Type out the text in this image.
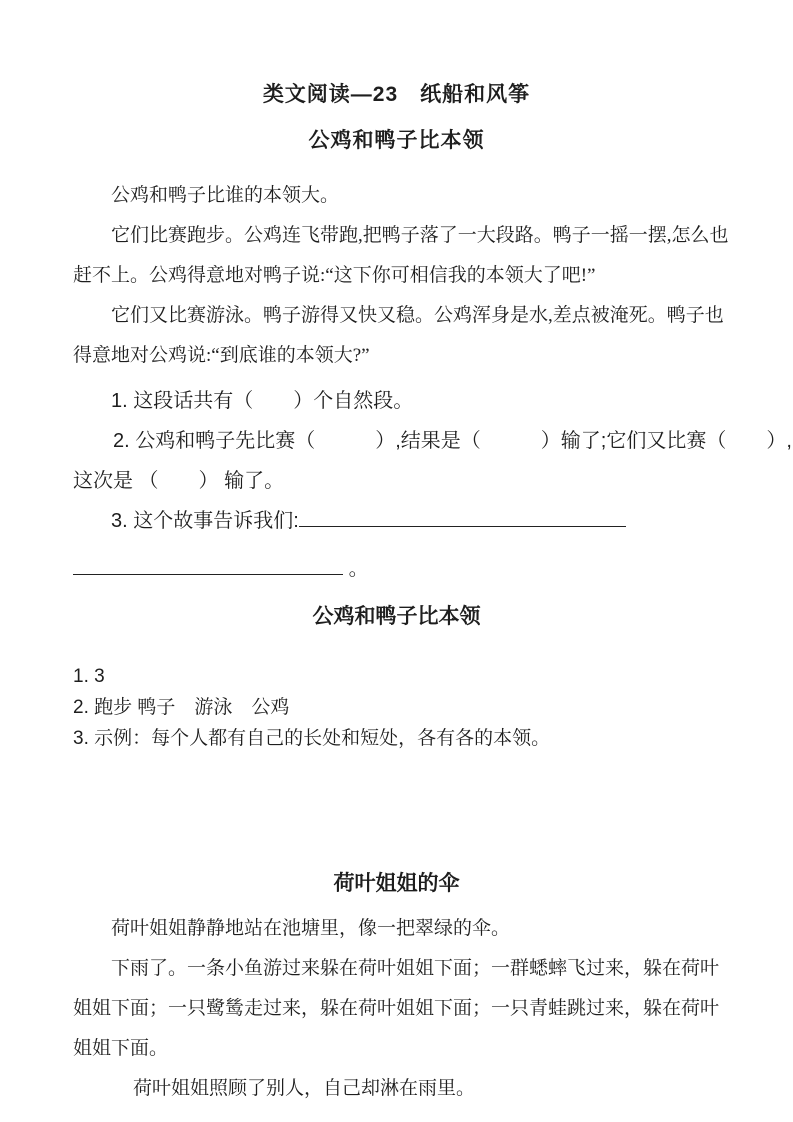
类文阅读—23　纸船和风筝
公鸡和鸭子比本领
公鸡和鸭子比谁的本领大。
它们比赛跑步。公鸡连飞带跑,把鸭子落了一大段路。鸭子一摇一摆,怎么也
赶不上。公鸡得意地对鸭子说:“这下你可相信我的本领大了吧!”
它们又比赛游泳。鸭子游得又快又稳。公鸡浑身是水,差点被淹死。鸭子也
得意地对公鸡说:“到底谁的本领大?”
1. 这段话共有（　　）个自然段。
2. 公鸡和鸭子先比赛（　　　）,结果是（　　　）输了;它们又比赛（　　）,
这次是 （　　） 输了。
3. 这个故事告诉我们:
。
公鸡和鸭子比本领
1. 3
2. 跑步 鸭子　游泳　公鸡
3. 示例：每个人都有自己的长处和短处，各有各的本领。
荷叶姐姐的伞
荷叶姐姐静静地站在池塘里，像一把翠绿的伞。
下雨了。一条小鱼游过来躲在荷叶姐姐下面；一群蟋蟀飞过来，躲在荷叶
姐姐下面；一只鹭鸶走过来，躲在荷叶姐姐下面；一只青蛙跳过来，躲在荷叶
姐姐下面。
荷叶姐姐照顾了别人，自己却淋在雨里。
